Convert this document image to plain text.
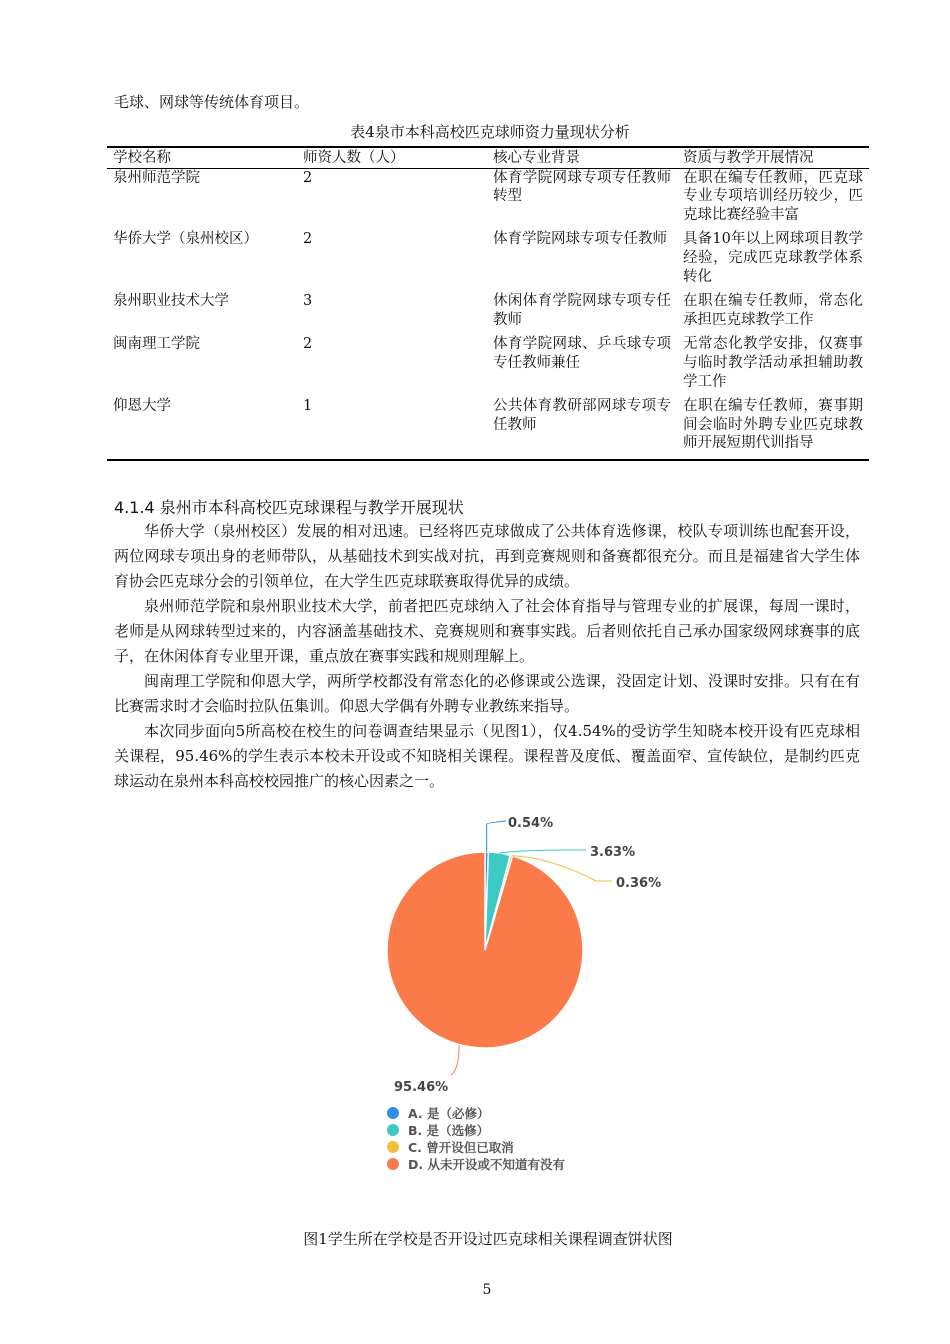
毛球、网球等传统体育项目。
表4泉市本科高校匹克球师资力量现状分析
学校名称	师资人数（人）	核心专业背景	资质与教学开展情况
泉州师范学院	2	体育学院网球专项专任教师转型	在职在编专任教师，匹克球专业专项培训经历较少，匹克球比赛经验丰富
华侨大学（泉州校区）	2	体育学院网球专项专任教师	具备10年以上网球项目教学经验，完成匹克球教学体系转化
泉州职业技术大学	3	休闲体育学院网球专项专任教师	在职在编专任教师，常态化承担匹克球教学工作
闽南理工学院	2	体育学院网球、乒乓球专项专任教师兼任	无常态化教学安排，仅赛事与临时教学活动承担辅助教学工作
仰恩大学	1	公共体育教研部网球专项专任教师	在职在编专任教师，赛事期间会临时外聘专业匹克球教师开展短期代训指导
4.1.4 泉州市本科高校匹克球课程与教学开展现状

华侨大学（泉州校区）发展的相对迅速。已经将匹克球做成了公共体育选修课，校队专项训练也配套开设，两位网球专项出身的老师带队，从基础技术到实战对抗，再到竞赛规则和备赛都很充分。而且是福建省大学生体育协会匹克球分会的引领单位，在大学生匹克球联赛取得优异的成绩。

泉州师范学院和泉州职业技术大学，前者把匹克球纳入了社会体育指导与管理专业的扩展课，每周一课时，老师是从网球转型过来的，内容涵盖基础技术、竞赛规则和赛事实践。后者则依托自己承办国家级网球赛事的底子，在休闲体育专业里开课，重点放在赛事实践和规则理解上。

闽南理工学院和仰恩大学，两所学校都没有常态化的必修课或公选课，没固定计划、没课时安排。只有在有比赛需求时才会临时拉队伍集训。仰恩大学偶有外聘专业教练来指导。

本次同步面向5所高校在校生的问卷调查结果显示（见图1），仅4.54%的受访学生知晓本校开设有匹克球相关课程，95.46%的学生表示本校未开设或不知晓相关课程。课程普及度低、覆盖面窄、宣传缺位，是制约匹克球运动在泉州本科高校校园推广的核心因素之一。

0.54%
3.63%
0.36%
95.46%
A. 是（必修）
B. 是（选修）
C. 曾开设但已取消
D. 从未开设或不知道有没有
图1学生所在学校是否开设过匹克球相关课程调查饼状图
5
